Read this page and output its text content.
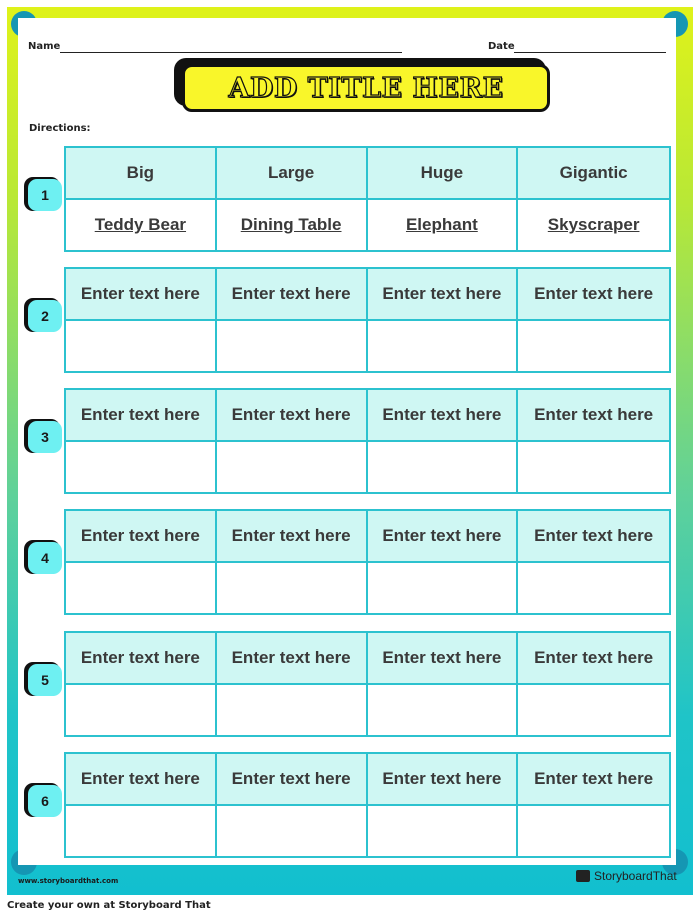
Name	Date
ADD TITLE HERE
Directions:
1
Big	Large	Huge	Gigantic
Teddy Bear	Dining Table	Elephant	Skyscraper
2
Enter text here	Enter text here	Enter text here	Enter text here
3
Enter text here	Enter text here	Enter text here	Enter text here
4
Enter text here	Enter text here	Enter text here	Enter text here
5
Enter text here	Enter text here	Enter text here	Enter text here
6
Enter text here	Enter text here	Enter text here	Enter text here
www.storyboardthat.com	StoryboardThat
Create your own at Storyboard That
